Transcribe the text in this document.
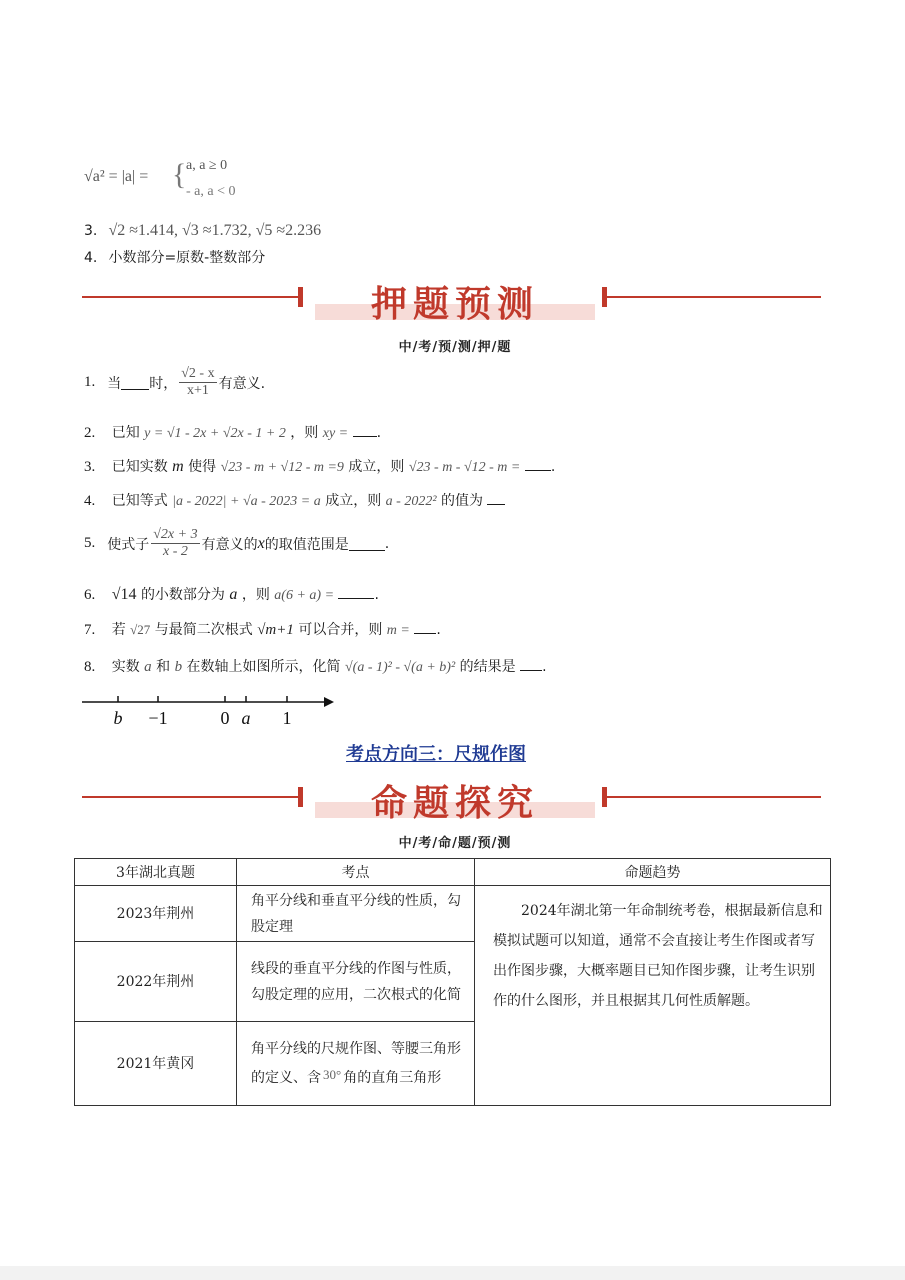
√a² = |a| = { a, a ≥ 0
- a, a < 0
3. √2 ≈1.414, √3 ≈1.732, √5 ≈2.236
4. 小数部分=原数-整数部分
押题预测
中/考/预/测/押/题
1. 当 时， $\frac{√2 - x}{x+1}$ 有意义.
2. 已知 y = √1 - 2x + √2x - 1 + 2 ，则 xy = .
3. 已知实数 m 使得 √23 - m + √12 - m =9 成立，则 √23 - m - √12 - m = .
4. 已知等式 |a - 2022| + √a - 2023 = a 成立，则 a - 2022² 的值为
5. 使式子 $\frac{√2x + 3}{x - 2}$ 有意义的 x 的取值范围是	.
6. √14 的小数部分为 a ，则 a(6 + a) =	.
7. 若 √27 与最简二次根式 √m+1 可以合并，则 m = .
8. 实数 a 和 b 在数轴上如图所示，化简 √(a - 1)² - √(a + b)² 的结果是 .
b −1	0 a 1
考点方向三：尺规作图
命题探究
中/考/命/题/预/测
3年湖北真题	考点	命题趋势
2023年荆州	角平分线和垂直平分线的性质，勾股定理	2024年湖北第一年命制统考卷，根据最新信息和模拟试题可以知道，通常不会直接让考生作图或者写出作图步骤，大概率题目已知作图步骤，让考生识别作的什么图形，并且根据其几何性质解题。
2022年荆州	线段的垂直平分线的作图与性质，勾股定理的应用，二次根式的化简	
2021年黄冈	角平分线的尺规作图、等腰三角形的定义、含 30° 角的直角三角形	
